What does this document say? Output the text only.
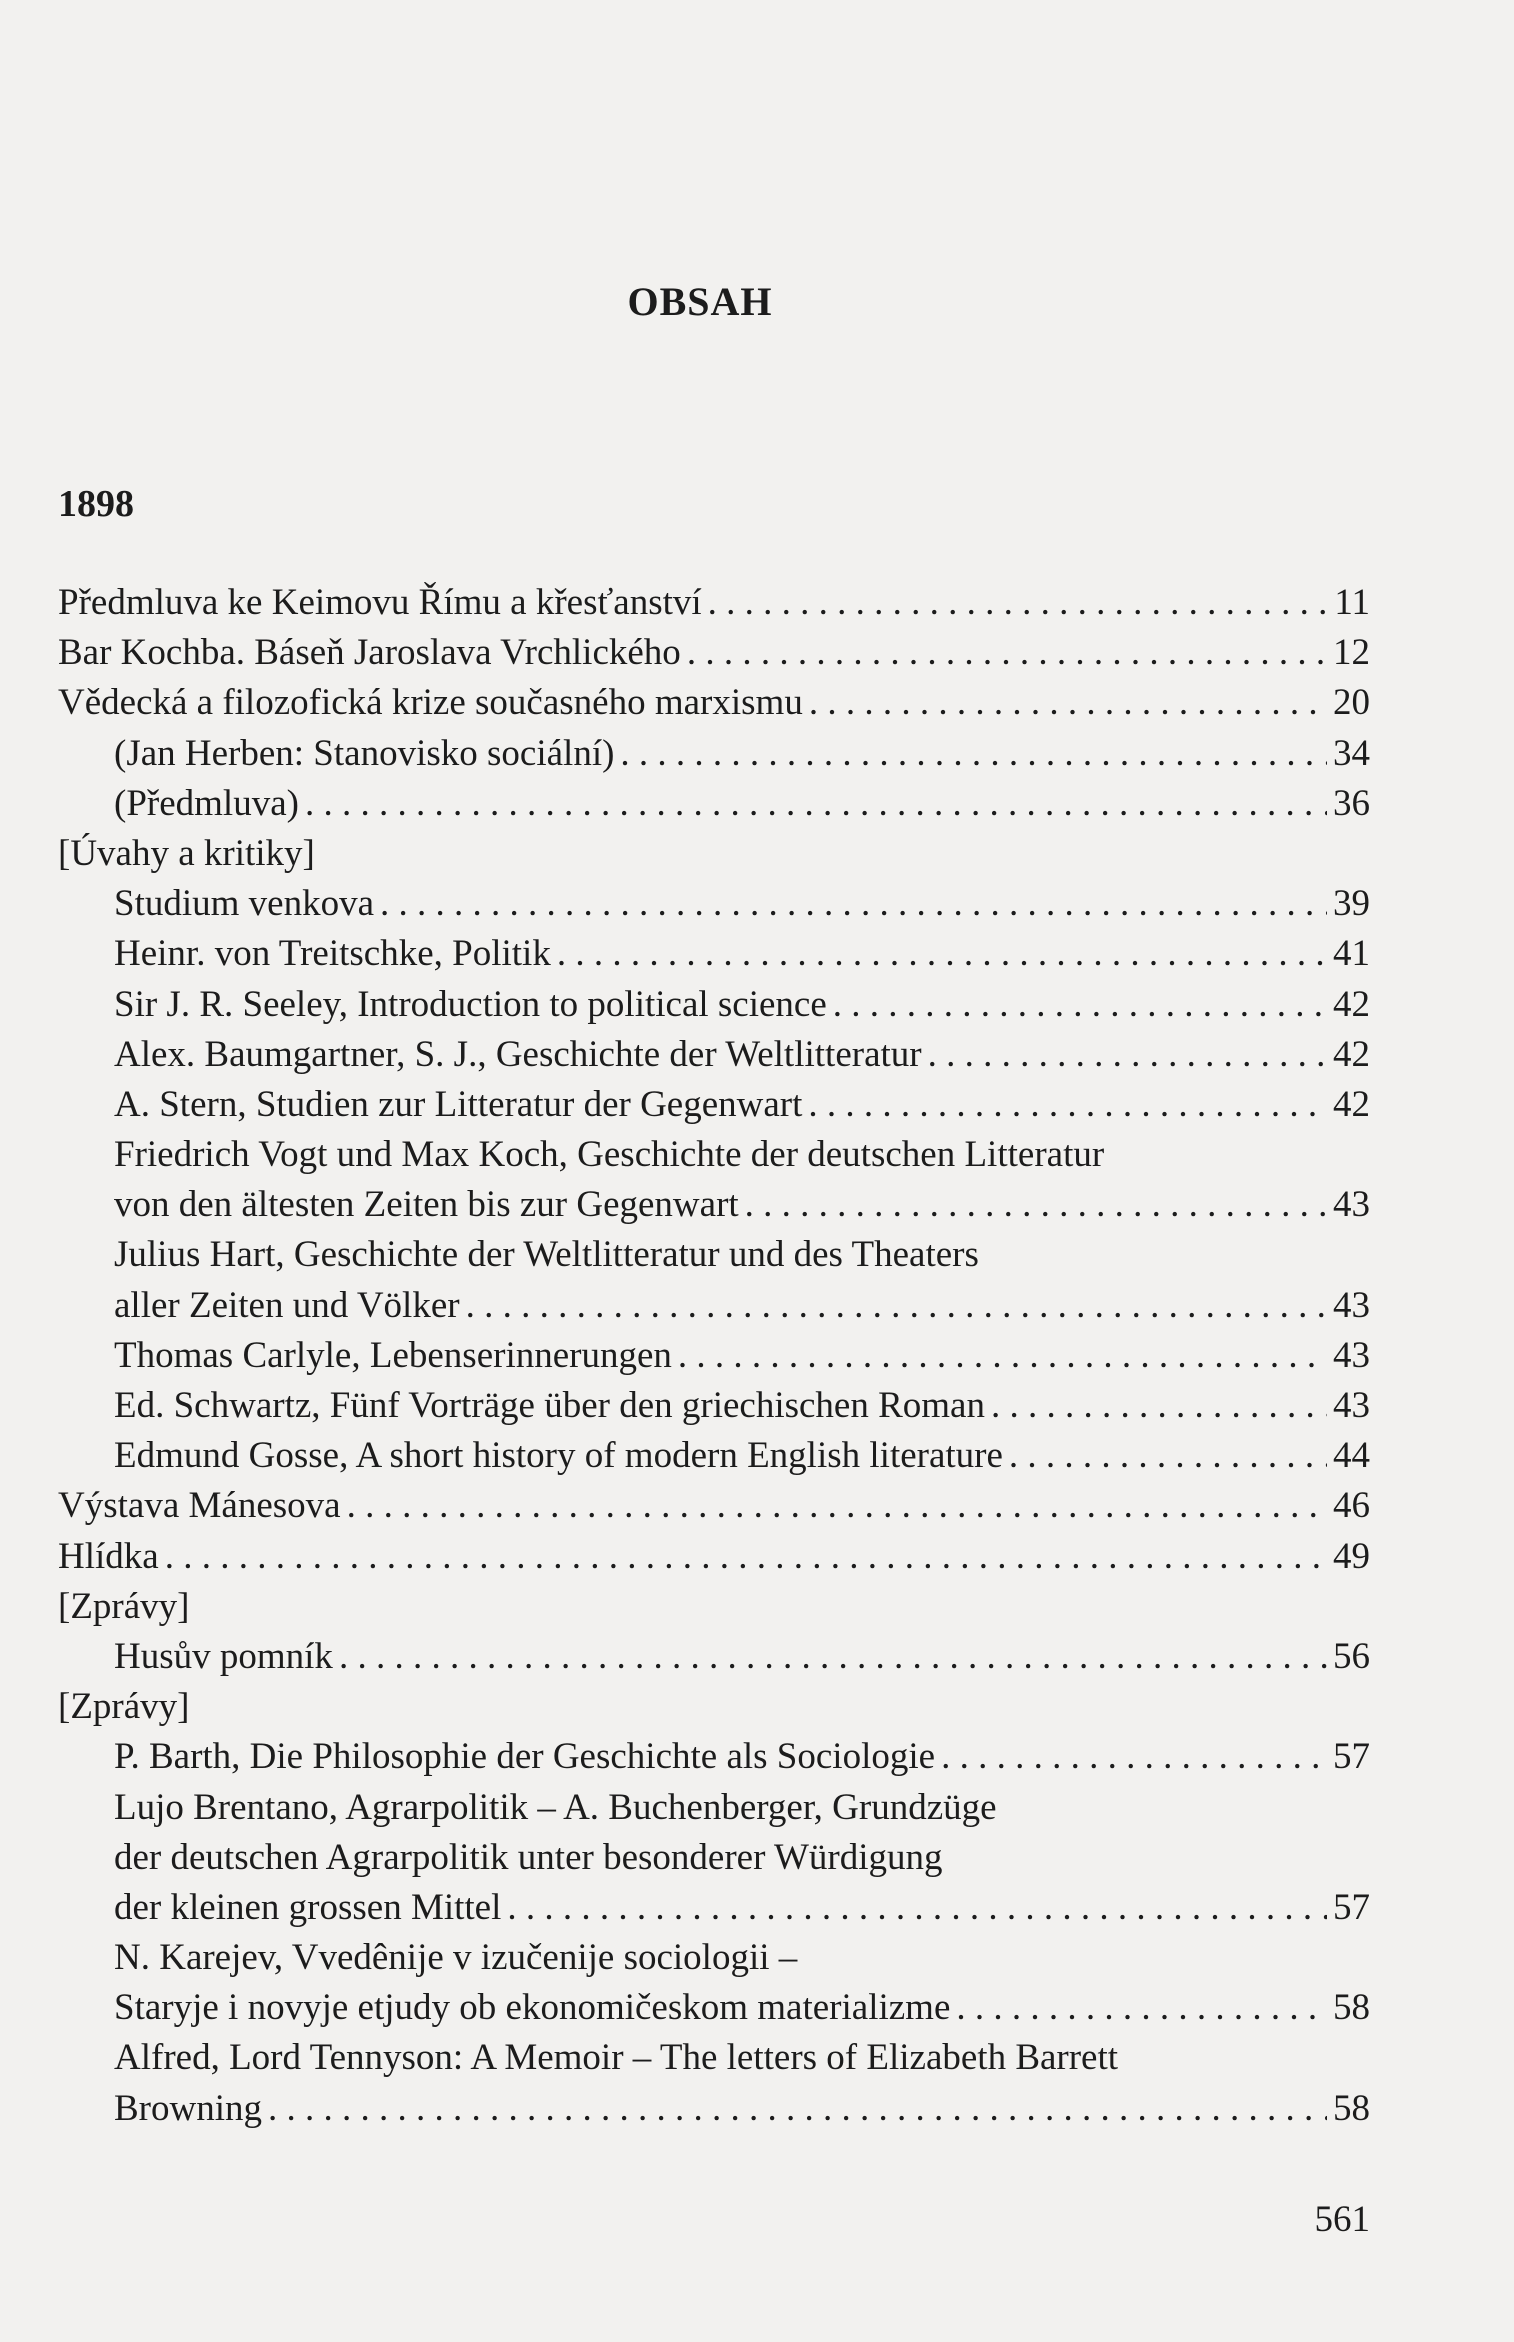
OBSAH
1898
Předmluva ke Keimovu Římu a křesťanství . . .	11
Bar Kochba. Báseň Jaroslava Vrchlického . . .	12
Vědecká a filozofická krize současného marxismu . . .	20
(Jan Herben: Stanovisko sociální) . . .	34
(Předmluva) . . .	36
[Úvahy a kritiky]
Studium venkova . . .	39
Heinr. von Treitschke, Politik . . .	41
Sir J. R. Seeley, Introduction to political science . . .	42
Alex. Baumgartner, S. J., Geschichte der Weltlitteratur . . .	42
A. Stern, Studien zur Litteratur der Gegenwart . . .	42
Friedrich Vogt und Max Koch, Geschichte der deutschen Litteratur
von den ältesten Zeiten bis zur Gegenwart . . .	43
Julius Hart, Geschichte der Weltlitteratur und des Theaters
aller Zeiten und Völker . . .	43
Thomas Carlyle, Lebenserinnerungen . . .	43
Ed. Schwartz, Fünf Vorträge über den griechischen Roman . . .	43
Edmund Gosse, A short history of modern English literature . . .	44
Výstava Mánesova . . .	46
Hlídka . . .	49
[Zprávy]
Husův pomník . . .	56
[Zprávy]
P. Barth, Die Philosophie der Geschichte als Sociologie . . .	57
Lujo Brentano, Agrarpolitik – A. Buchenberger, Grundzüge
der deutschen Agrarpolitik unter besonderer Würdigung
der kleinen grossen Mittel . . .	57
N. Karejev, Vvedênije v izučenije sociologii –
Staryje i novyje etjudy ob ekonomičeskom materializme . . .	58
Alfred, Lord Tennyson: A Memoir – The letters of Elizabeth Barrett
Browning . . .	58
561
